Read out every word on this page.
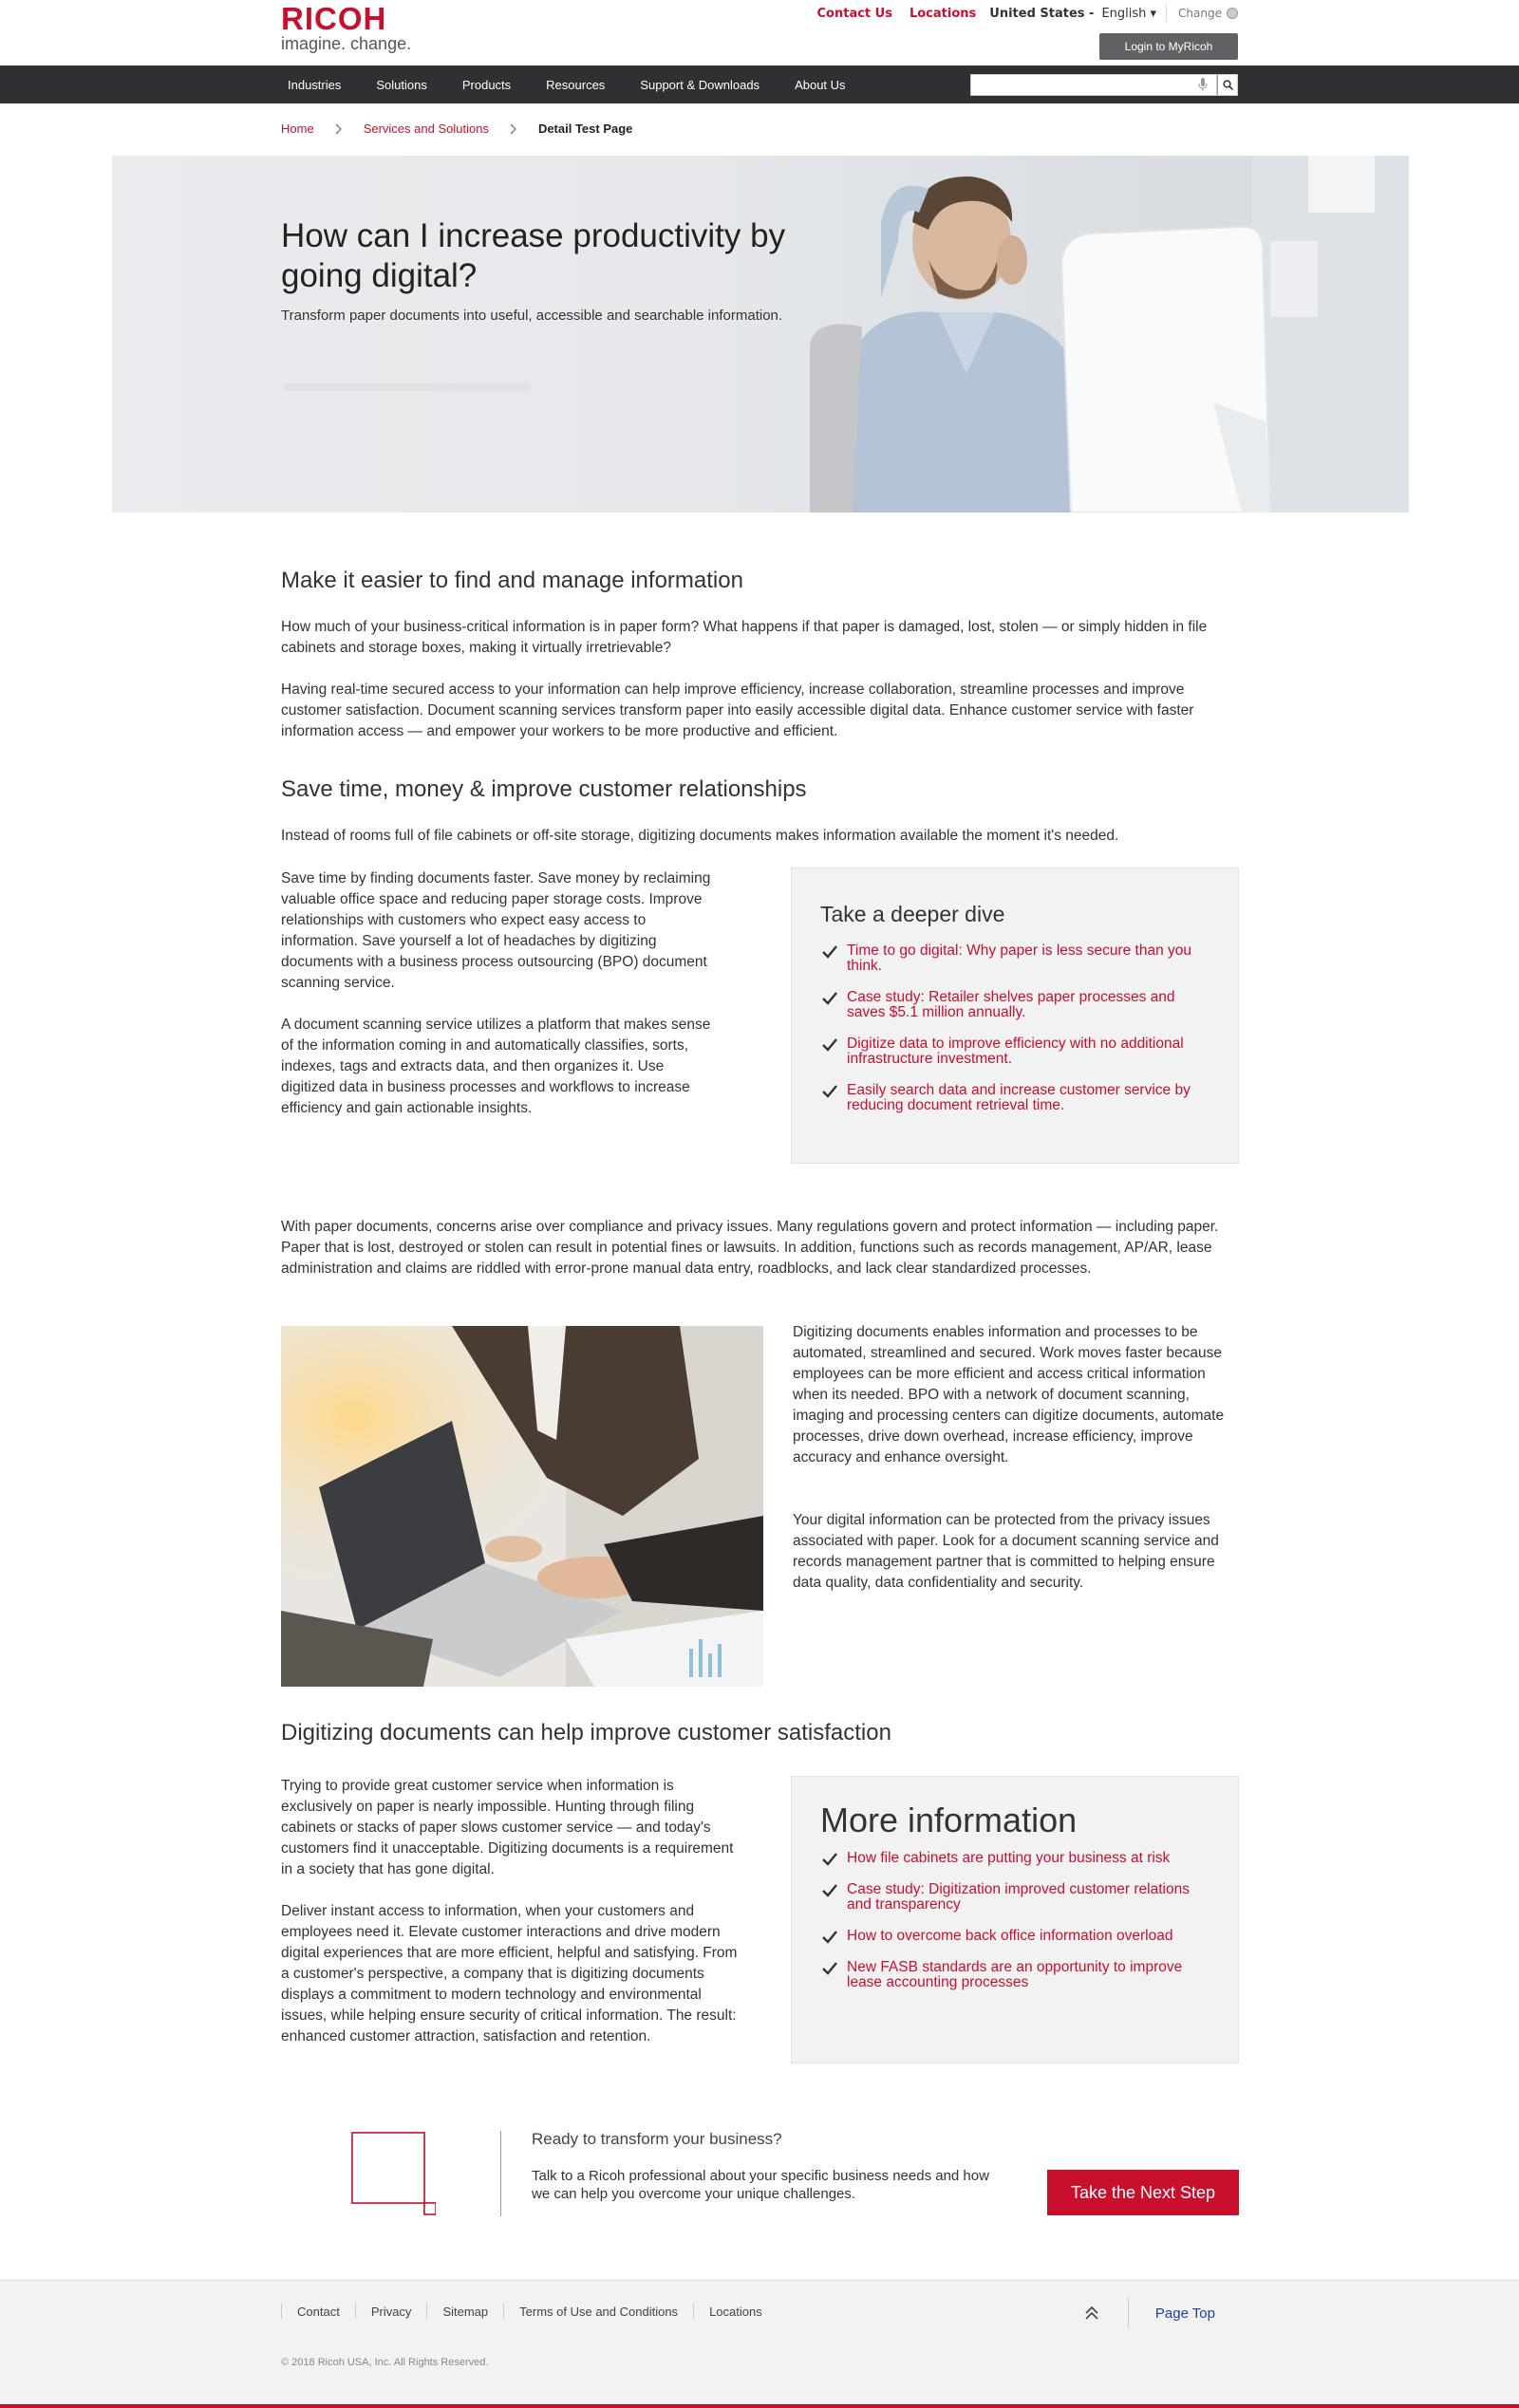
RICOH
imagine. change.
Contact Us Locations United States - English ▾ Change
Login to MyRicoh
Industries	Solutions	Products	Resources	Support & Downloads	About Us
Home	Services and Solutions	Detail Test Page
How can I increase productivity by going digital?

Transform paper documents into useful, accessible and searchable information.

Make it easier to find and manage information

How much of your business-critical information is in paper form? What happens if that paper is damaged, lost, stolen — or simply hidden in file cabinets and storage boxes, making it virtually irretrievable?

Having real-time secured access to your information can help improve efficiency, increase collaboration, streamline processes and improve customer satisfaction. Document scanning services transform paper into easily accessible digital data. Enhance customer service with faster information access — and empower your workers to be more productive and efficient.

Save time, money & improve customer relationships

Instead of rooms full of file cabinets or off-site storage, digitizing documents makes information available the moment it's needed.

Save time by finding documents faster. Save money by reclaiming valuable office space and reducing paper storage costs. Improve relationships with customers who expect easy access to information. Save yourself a lot of headaches by digitizing documents with a business process outsourcing (BPO) document scanning service.

A document scanning service utilizes a platform that makes sense of the information coming in and automatically classifies, sorts, indexes, tags and extracts data, and then organizes it. Use digitized data in business processes and workflows to increase efficiency and gain actionable insights.

Take a deeper dive
Time to go digital: Why paper is less secure than you think.
Case study: Retailer shelves paper processes and saves $5.1 million annually.
Digitize data to improve efficiency with no additional infrastructure investment.
Easily search data and increase customer service by reducing document retrieval time.

With paper documents, concerns arise over compliance and privacy issues. Many regulations govern and protect information — including paper. Paper that is lost, destroyed or stolen can result in potential fines or lawsuits. In addition, functions such as records management, AP/AR, lease administration and claims are riddled with error-prone manual data entry, roadblocks, and lack clear standardized processes.

Digitizing documents enables information and processes to be automated, streamlined and secured. Work moves faster because employees can be more efficient and access critical information when its needed. BPO with a network of document scanning, imaging and processing centers can digitize documents, automate processes, drive down overhead, increase efficiency, improve accuracy and enhance oversight.

Your digital information can be protected from the privacy issues associated with paper. Look for a document scanning service and records management partner that is committed to helping ensure data quality, data confidentiality and security.

Digitizing documents can help improve customer satisfaction

Trying to provide great customer service when information is exclusively on paper is nearly impossible. Hunting through filing cabinets or stacks of paper slows customer service — and today's customers find it unacceptable. Digitizing documents is a requirement in a society that has gone digital.

Deliver instant access to information, when your customers and employees need it. Elevate customer interactions and drive modern digital experiences that are more efficient, helpful and satisfying. From a customer's perspective, a company that is digitizing documents displays a commitment to modern technology and environmental issues, while helping ensure security of critical information. The result: enhanced customer attraction, satisfaction and retention.

More information
How file cabinets are putting your business at risk
Case study: Digitization improved customer relations and transparency
How to overcome back office information overload
New FASB standards are an opportunity to improve lease accounting processes
Ready to transform your business?
Talk to a Ricoh professional about your specific business needs and how we can help you overcome your unique challenges.	Take the Next Step
Contact	Privacy	Sitemap	Terms of Use and Conditions	Locations	Page Top
© 2018 Ricoh USA, Inc. All Rights Reserved.
